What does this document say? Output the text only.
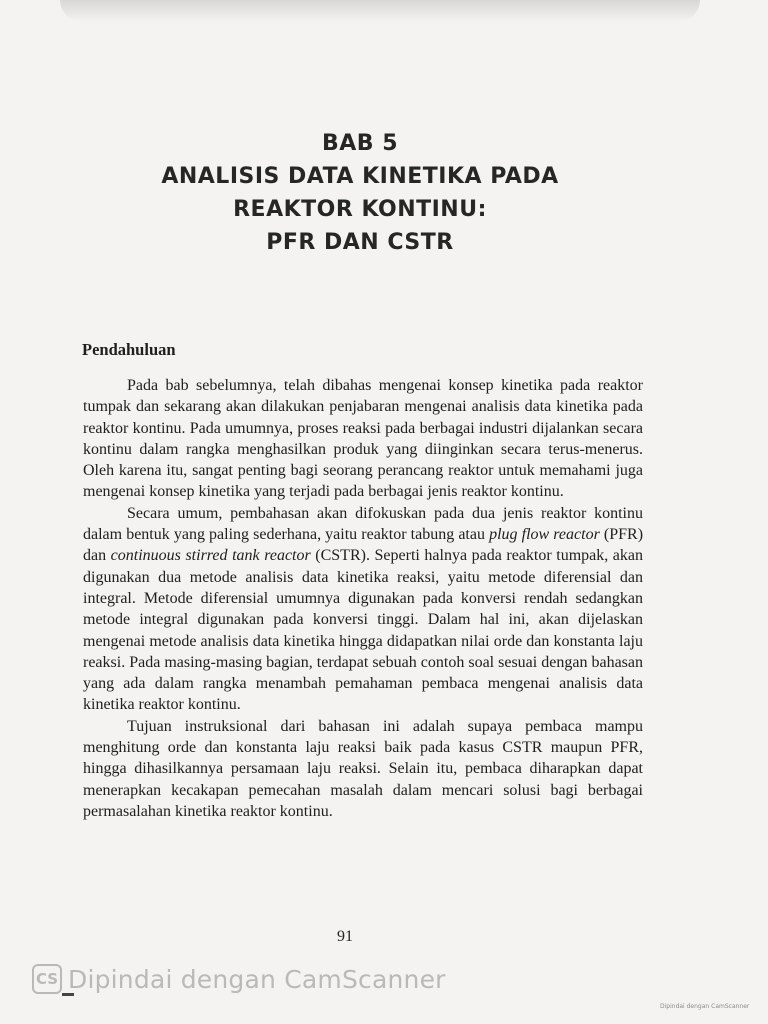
BAB 5
ANALISIS DATA KINETIKA PADA
REAKTOR KONTINU:
PFR DAN CSTR
Pendahuluan

Pada bab sebelumnya, telah dibahas mengenai konsep kinetika pada reaktor tumpak dan sekarang akan dilakukan penjabaran mengenai analisis data kinetika pada reaktor kontinu. Pada umumnya, proses reaksi pada berbagai industri dijalankan secara kontinu dalam rangka menghasilkan produk yang diinginkan secara terus-menerus. Oleh karena itu, sangat penting bagi seorang perancang reaktor untuk memahami juga mengenai konsep kinetika yang terjadi pada berbagai jenis reaktor kontinu.

Secara umum, pembahasan akan difokuskan pada dua jenis reaktor kontinu dalam bentuk yang paling sederhana, yaitu reaktor tabung atau plug flow reactor (PFR) dan continuous stirred tank reactor (CSTR). Seperti halnya pada reaktor tumpak, akan digunakan dua metode analisis data kinetika reaksi, yaitu metode diferensial dan integral. Metode diferensial umumnya digunakan pada konversi rendah sedangkan metode integral digunakan pada konversi tinggi. Dalam hal ini, akan dijelaskan mengenai metode analisis data kinetika hingga didapatkan nilai orde dan konstanta laju reaksi. Pada masing-masing bagian, terdapat sebuah contoh soal sesuai dengan bahasan yang ada dalam rangka menambah pemahaman pembaca mengenai analisis data kinetika reaktor kontinu.

Tujuan instruksional dari bahasan ini adalah supaya pembaca mampu menghitung orde dan konstanta laju reaksi baik pada kasus CSTR maupun PFR, hingga dihasilkannya persamaan laju reaksi. Selain itu, pembaca diharapkan dapat menerapkan kecakapan pemecahan masalah dalam mencari solusi bagi berbagai permasalahan kinetika reaktor kontinu.

91
CS Dipindai dengan CamScanner
Dipindai dengan CamScanner
